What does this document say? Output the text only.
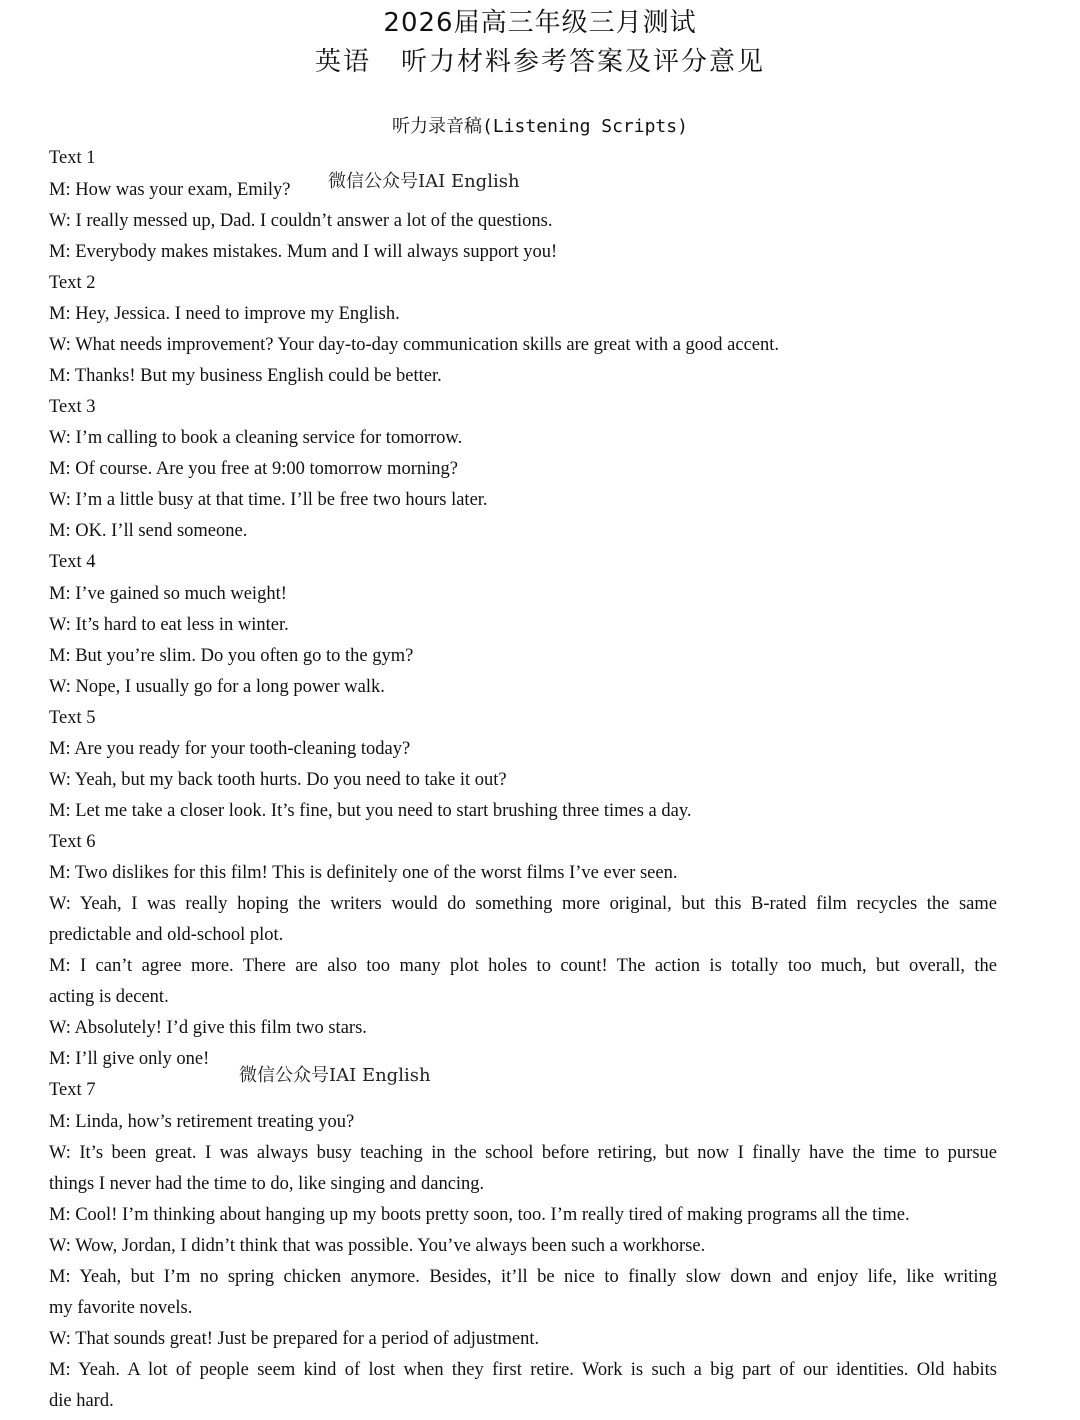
2026届高三年级三月测试
英语 听力材料参考答案及评分意见
听力录音稿(Listening Scripts)
微信公众号IAI English
微信公众号IAI English
Text 1
M: How was your exam, Emily?
W: I really messed up, Dad. I couldn’t answer a lot of the questions.
M: Everybody makes mistakes. Mum and I will always support you!
Text 2
M: Hey, Jessica. I need to improve my English.
W: What needs improvement? Your day-to-day communication skills are great with a good accent.
M: Thanks! But my business English could be better.
Text 3
W: I’m calling to book a cleaning service for tomorrow.
M: Of course. Are you free at 9:00 tomorrow morning?
W: I’m a little busy at that time. I’ll be free two hours later.
M: OK. I’ll send someone.
Text 4
M: I’ve gained so much weight!
W: It’s hard to eat less in winter.
M: But you’re slim. Do you often go to the gym?
W: Nope, I usually go for a long power walk.
Text 5
M: Are you ready for your tooth-cleaning today?
W: Yeah, but my back tooth hurts. Do you need to take it out?
M: Let me take a closer look. It’s fine, but you need to start brushing three times a day.
Text 6
M: Two dislikes for this film! This is definitely one of the worst films I’ve ever seen.
W: Yeah, I was really hoping the writers would do something more original, but this B-rated film recycles the same
predictable and old-school plot.
M: I can’t agree more. There are also too many plot holes to count! The action is totally too much, but overall, the
acting is decent.
W: Absolutely! I’d give this film two stars.
M: I’ll give only one!
Text 7
M: Linda, how’s retirement treating you?
W: It’s been great. I was always busy teaching in the school before retiring, but now I finally have the time to pursue
things I never had the time to do, like singing and dancing.
M: Cool! I’m thinking about hanging up my boots pretty soon, too. I’m really tired of making programs all the time.
W: Wow, Jordan, I didn’t think that was possible. You’ve always been such a workhorse.
M: Yeah, but I’m no spring chicken anymore. Besides, it’ll be nice to finally slow down and enjoy life, like writing
my favorite novels.
W: That sounds great! Just be prepared for a period of adjustment.
M: Yeah. A lot of people seem kind of lost when they first retire. Work is such a big part of our identities. Old habits
die hard.
